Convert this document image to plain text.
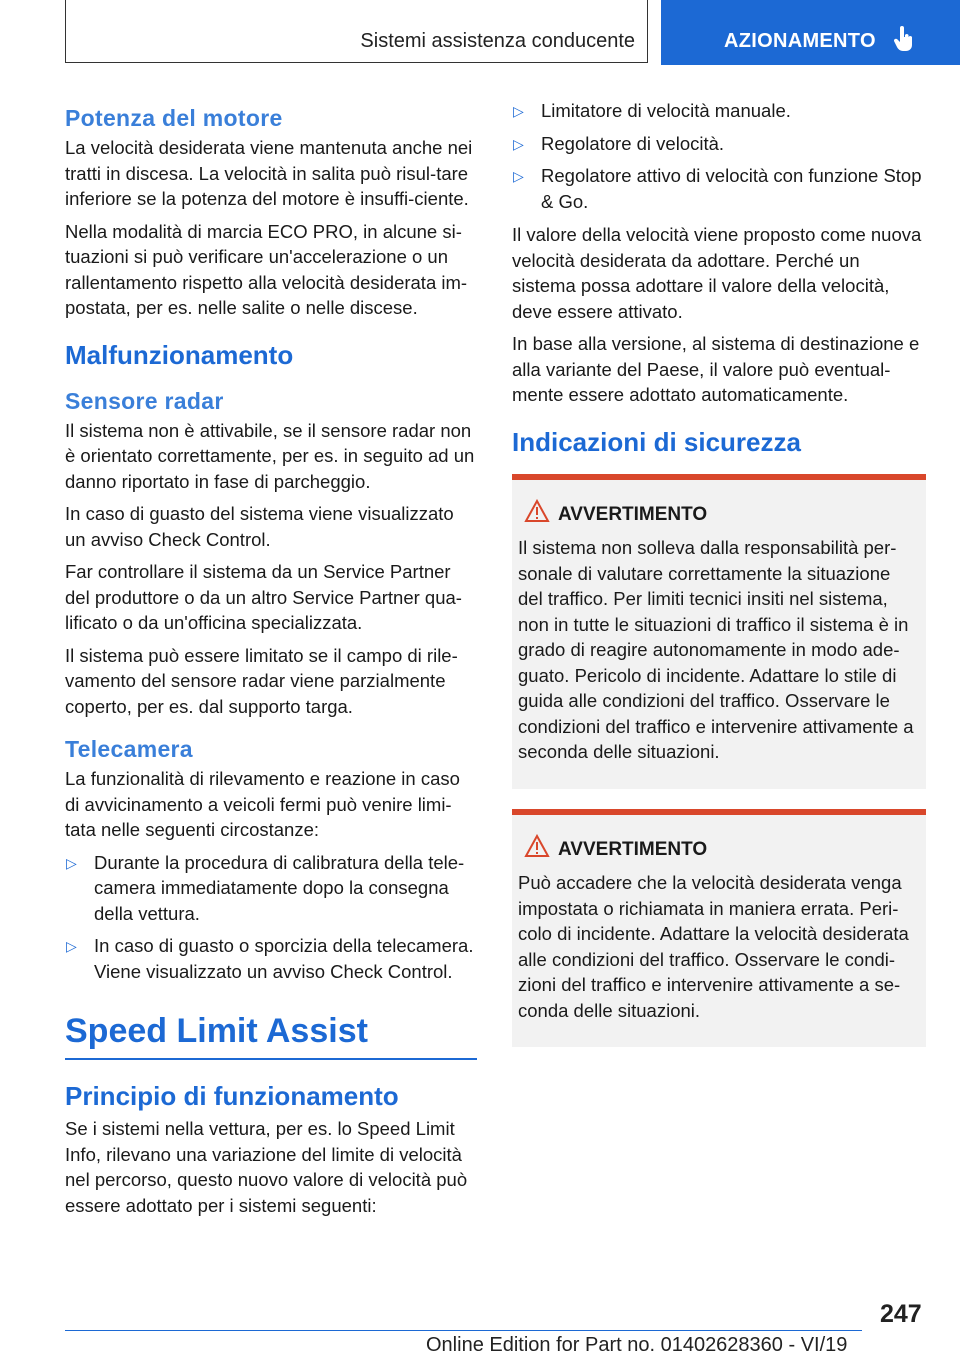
Sistemi assistenza conducente	AZIONAMENTO
Potenza del motore

La velocità desiderata viene mantenuta anche nei tratti in discesa. La velocità in salita può risul-tare inferiore se la potenza del motore è insuffi-ciente.

Nella modalità di marcia ECO PRO, in alcune si-tuazioni si può verificare un'accelerazione o un rallentamento rispetto alla velocità desiderata im-postata, per es. nelle salite o nelle discese.

Malfunzionamento
Sensore radar

Il sistema non è attivabile, se il sensore radar non è orientato correttamente, per es. in seguito ad un danno riportato in fase di parcheggio.

In caso di guasto del sistema viene visualizzato un avviso Check Control.

Far controllare il sistema da un Service Partner del produttore o da un altro Service Partner qua-lificato o da un'officina specializzata.

Il sistema può essere limitato se il campo di rile-vamento del sensore radar viene parzialmente coperto, per es. dal supporto targa.

Telecamera

La funzionalità di rilevamento e reazione in caso di avvicinamento a veicoli fermi può venire limi-tata nelle seguenti circostanze:

▷ Durante la procedura di calibratura della tele-camera immediatamente dopo la consegna della vettura.
▷ In caso di guasto o sporcizia della telecamera. Viene visualizzato un avviso Check Control.
Speed Limit Assist
Principio di funzionamento

Se i sistemi nella vettura, per es. lo Speed Limit Info, rilevano una variazione del limite di velocità nel percorso, questo nuovo valore di velocità può essere adottato per i sistemi seguenti:

▷ Limitatore di velocità manuale.
▷ Regolatore di velocità.
▷ Regolatore attivo di velocità con funzione Stop & Go.

Il valore della velocità viene proposto come nuova velocità desiderata da adottare. Perché un sistema possa adottare il valore della velocità, deve essere attivato.

In base alla versione, al sistema di destinazione e alla variante del Paese, il valore può eventual-mente essere adottato automaticamente.

Indicazioni di sicurezza
AVVERTIMENTO
Il sistema non solleva dalla responsabilità per-sonale di valutare correttamente la situazione del traffico. Per limiti tecnici insiti nel sistema, non in tutte le situazioni di traffico il sistema è in grado di reagire autonomamente in modo ade-guato. Pericolo di incidente. Adattare lo stile di guida alle condizioni del traffico. Osservare le condizioni del traffico e intervenire attivamente a seconda delle situazioni.
AVVERTIMENTO
Può accadere che la velocità desiderata venga impostata o richiamata in maniera errata. Peri-colo di incidente. Adattare la velocità desiderata alle condizioni del traffico. Osservare le condi-zioni del traffico e intervenire attivamente a se-conda delle situazioni.
247
Online Edition for Part no. 01402628360 - VI/19
